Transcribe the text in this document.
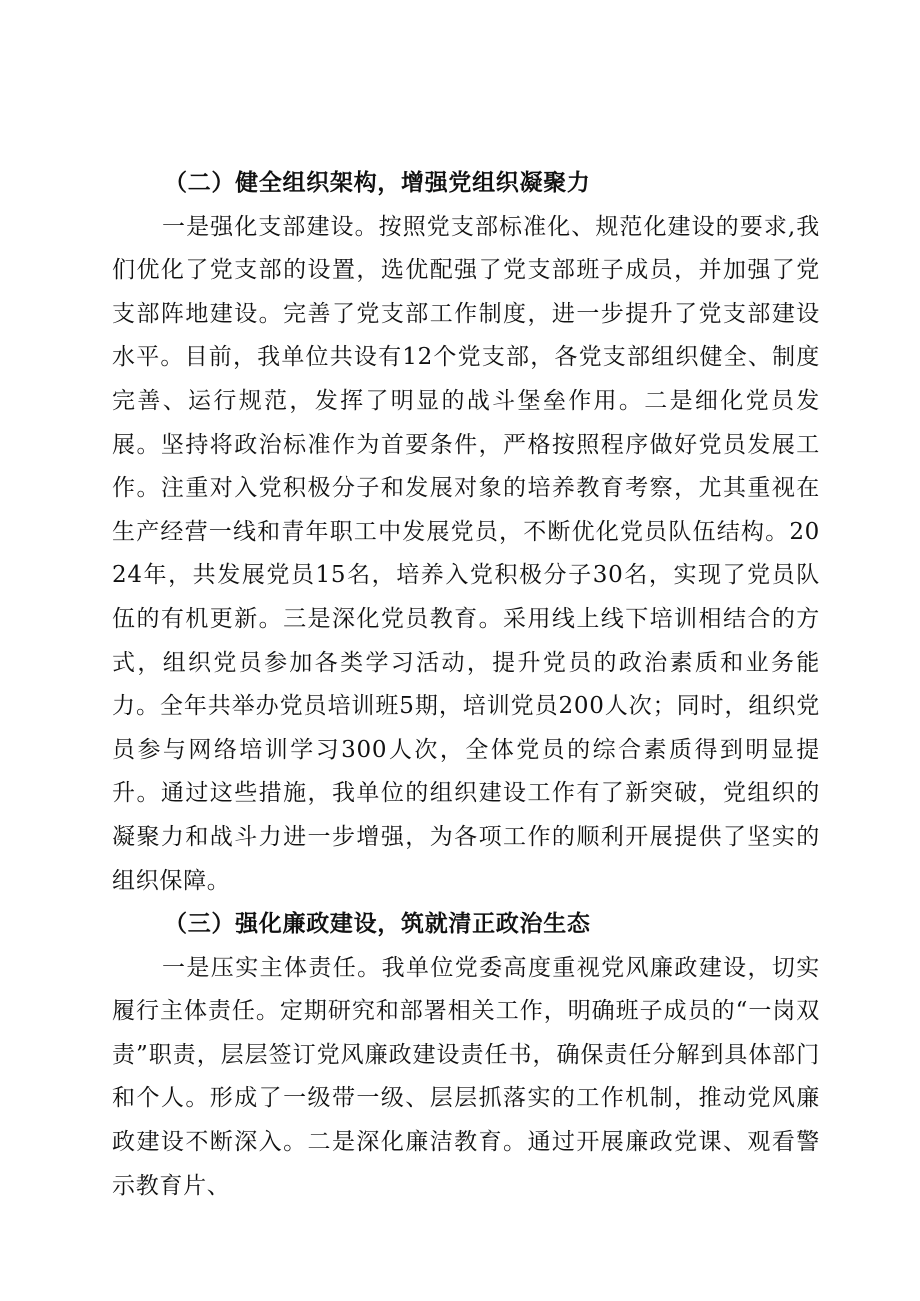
（二）健全组织架构，增强党组织凝聚力

一是强化支部建设。按照党支部标准化、规范化建设的要求,我们优化了党支部的设置，选优配强了党支部班子成员，并加强了党支部阵地建设。完善了党支部工作制度，进一步提升了党支部建设水平。目前，我单位共设有12个党支部，各党支部组织健全、制度完善、运行规范，发挥了明显的战斗堡垒作用。二是细化党员发展。坚持将政治标准作为首要条件，严格按照程序做好党员发展工作。注重对入党积极分子和发展对象的培养教育考察，尤其重视在生产经营一线和青年职工中发展党员，不断优化党员队伍结构。2024年，共发展党员15名，培养入党积极分子30名，实现了党员队伍的有机更新。三是深化党员教育。采用线上线下培训相结合的方式，组织党员参加各类学习活动，提升党员的政治素质和业务能力。全年共举办党员培训班5期，培训党员200人次；同时，组织党员参与网络培训学习300人次，全体党员的综合素质得到明显提升。通过这些措施，我单位的组织建设工作有了新突破，党组织的凝聚力和战斗力进一步增强，为各项工作的顺利开展提供了坚实的组织保障。

（三）强化廉政建设，筑就清正政治生态

一是压实主体责任。我单位党委高度重视党风廉政建设，切实履行主体责任。定期研究和部署相关工作，明确班子成员的“一岗双责”职责，层层签订党风廉政建设责任书，确保责任分解到具体部门和个人。形成了一级带一级、层层抓落实的工作机制，推动党风廉政建设不断深入。二是深化廉洁教育。通过开展廉政党课、观看警示教育片、
